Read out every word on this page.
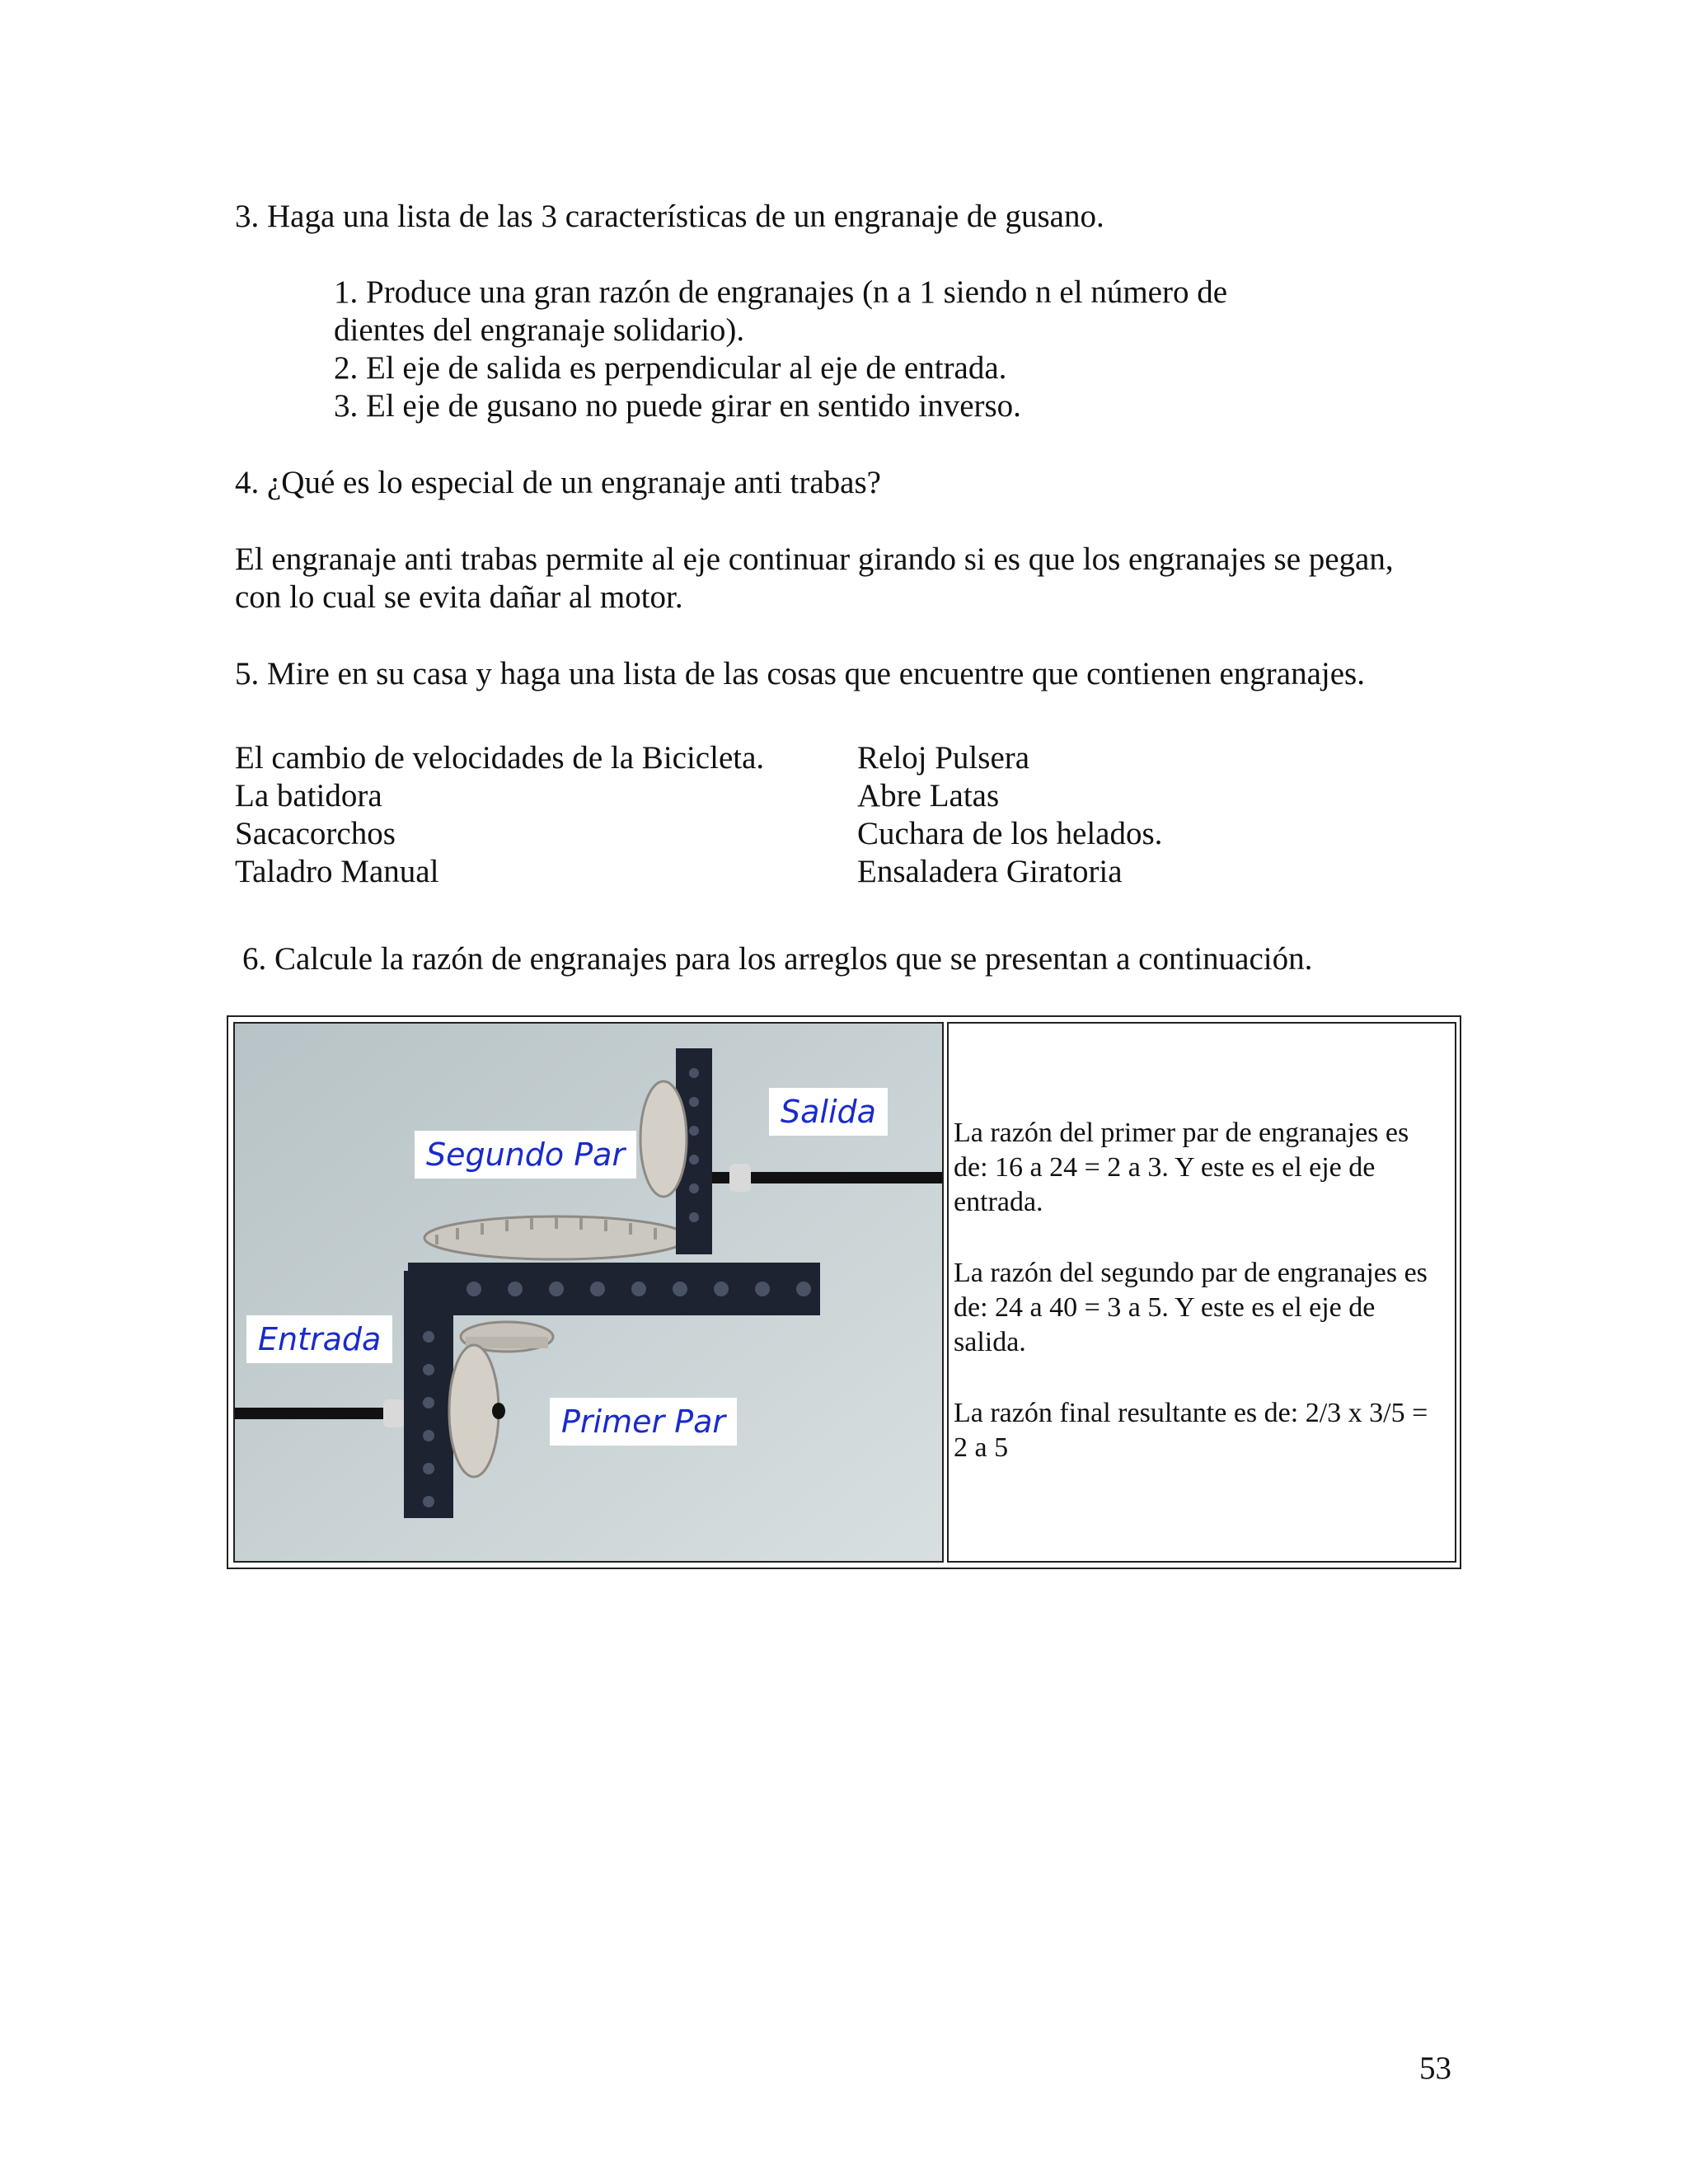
3. Haga una lista de las 3 características de un engranaje de gusano.

1. Produce una gran razón de engranajes (n a 1 siendo n el número de

dientes del engranaje solidario).

2. El eje de salida es perpendicular al eje de entrada.

3. El eje de gusano no puede girar en sentido inverso.

4. ¿Qué es lo especial de un engranaje anti trabas?

El engranaje anti trabas permite al eje continuar girando si es que los engranajes se pegan,

con lo cual se evita dañar al motor.

5. Mire en su casa y haga una lista de las cosas que encuentre que contienen engranajes.

El cambio de velocidades de la Bicicleta.
La batidora
Sacacorchos
Taladro Manual
Reloj Pulsera
Abre Latas
Cuchara de los helados.
Ensaladera Giratoria

6. Calcule la razón de engranajes para los arreglos que se presentan a continuación.

Salida
Segundo Par
Entrada
Primer Par

La razón del primer par de engranajes es de: 16 a 24 = 2 a 3. Y este es el eje de entrada.

La razón del segundo par de engranajes es de: 24 a 40 = 3 a 5. Y este es el eje de salida.

La razón final resultante es de: 2/3 x 3/5 = 2 a 5

53
